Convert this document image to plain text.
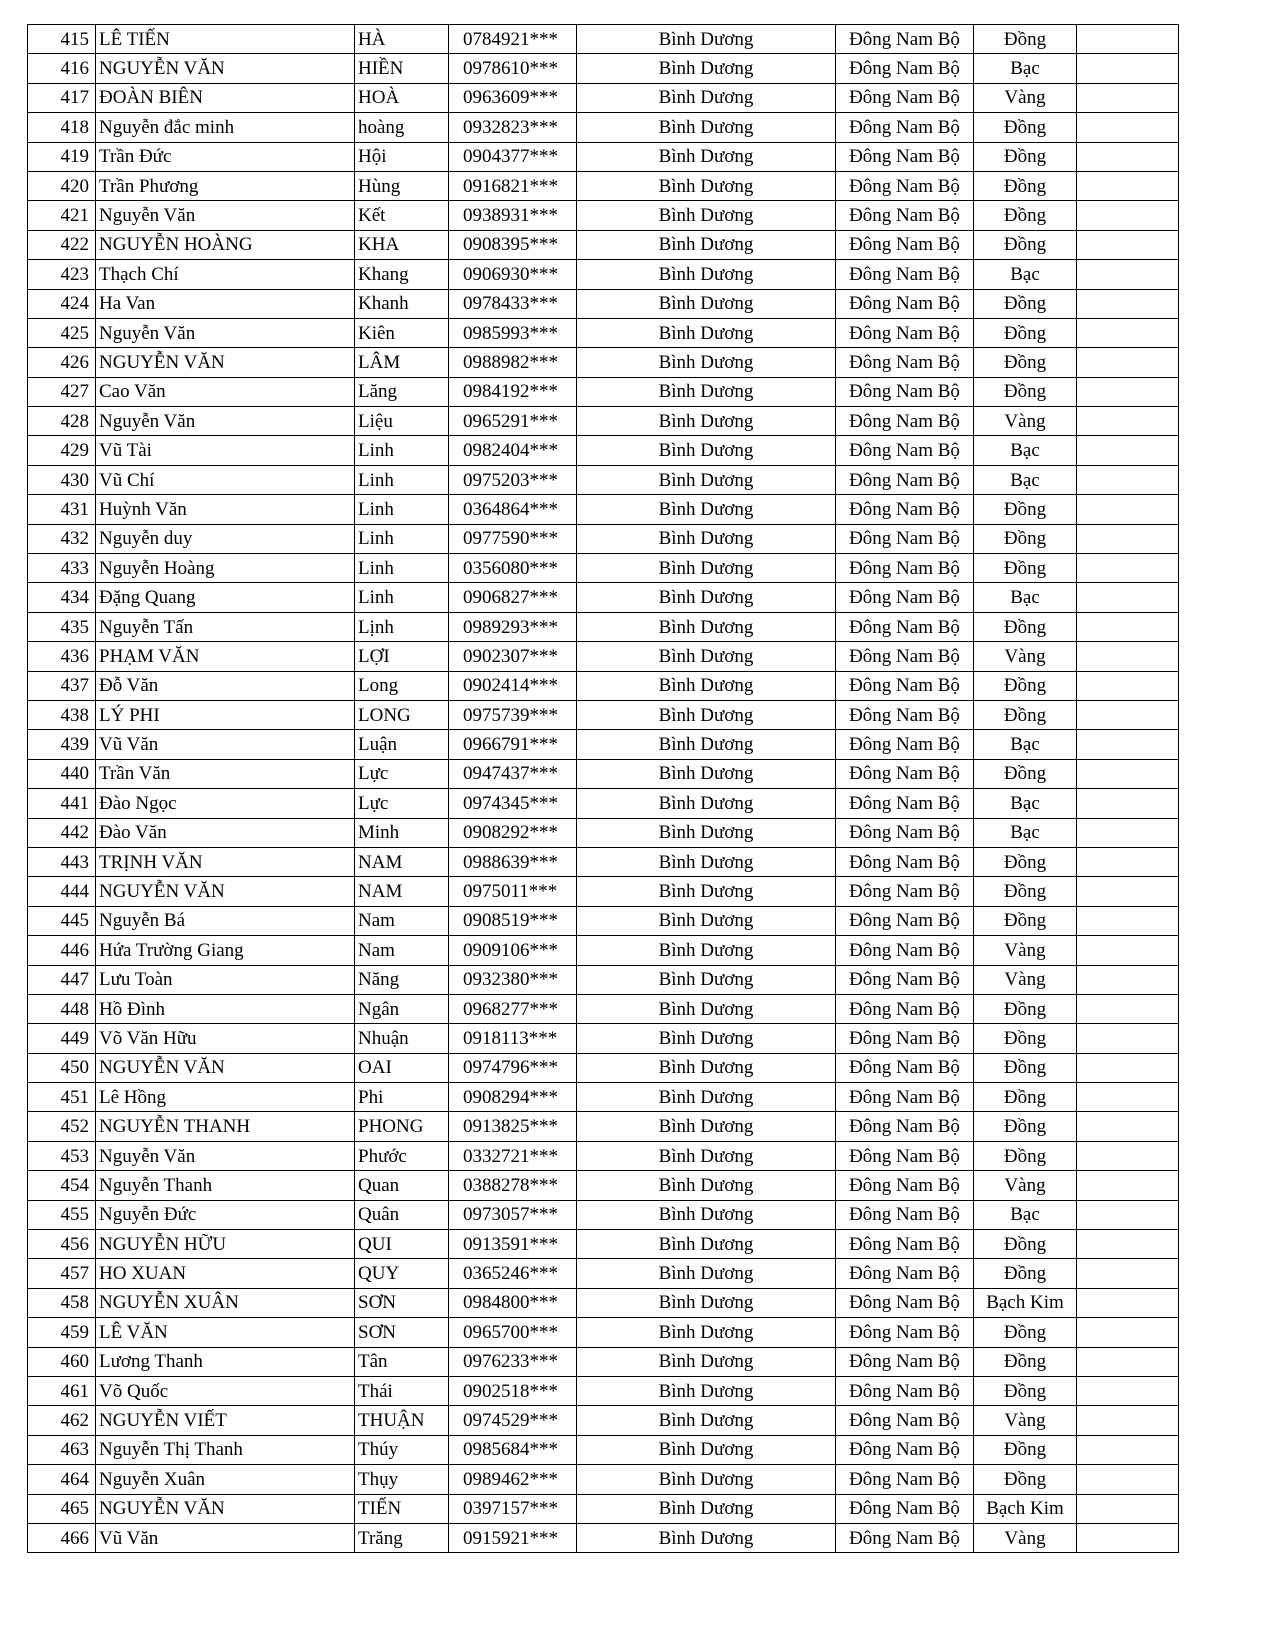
415	LÊ TIẾN	HÀ	0784921***	Bình Dương	Đông Nam Bộ	Đồng	
416	NGUYỄN VĂN	HIỀN	0978610***	Bình Dương	Đông Nam Bộ	Bạc	
417	ĐOÀN BIÊN	HOÀ	0963609***	Bình Dương	Đông Nam Bộ	Vàng	
418	Nguyễn đắc minh	hoàng	0932823***	Bình Dương	Đông Nam Bộ	Đồng	
419	Trần Đức	Hội	0904377***	Bình Dương	Đông Nam Bộ	Đồng	
420	Trần Phương	Hùng	0916821***	Bình Dương	Đông Nam Bộ	Đồng	
421	Nguyễn Văn	Kết	0938931***	Bình Dương	Đông Nam Bộ	Đồng	
422	NGUYỄN HOÀNG	KHA	0908395***	Bình Dương	Đông Nam Bộ	Đồng	
423	Thạch Chí	Khang	0906930***	Bình Dương	Đông Nam Bộ	Bạc	
424	Ha Van	Khanh	0978433***	Bình Dương	Đông Nam Bộ	Đồng	
425	Nguyễn Văn	Kiên	0985993***	Bình Dương	Đông Nam Bộ	Đồng	
426	NGUYỄN VĂN	LÂM	0988982***	Bình Dương	Đông Nam Bộ	Đồng	
427	Cao Văn	Lăng	0984192***	Bình Dương	Đông Nam Bộ	Đồng	
428	Nguyễn Văn	Liệu	0965291***	Bình Dương	Đông Nam Bộ	Vàng	
429	Vũ Tài	Linh	0982404***	Bình Dương	Đông Nam Bộ	Bạc	
430	Vũ Chí	Linh	0975203***	Bình Dương	Đông Nam Bộ	Bạc	
431	Huỳnh Văn	Linh	0364864***	Bình Dương	Đông Nam Bộ	Đồng	
432	Nguyễn duy	Linh	0977590***	Bình Dương	Đông Nam Bộ	Đồng	
433	Nguyễn Hoàng	Linh	0356080***	Bình Dương	Đông Nam Bộ	Đồng	
434	Đặng Quang	Linh	0906827***	Bình Dương	Đông Nam Bộ	Bạc	
435	Nguyễn Tấn	Lịnh	0989293***	Bình Dương	Đông Nam Bộ	Đồng	
436	PHẠM VĂN	LỢI	0902307***	Bình Dương	Đông Nam Bộ	Vàng	
437	Đỗ Văn	Long	0902414***	Bình Dương	Đông Nam Bộ	Đồng	
438	LÝ PHI	LONG	0975739***	Bình Dương	Đông Nam Bộ	Đồng	
439	Vũ Văn	Luận	0966791***	Bình Dương	Đông Nam Bộ	Bạc	
440	Trần Văn	Lực	0947437***	Bình Dương	Đông Nam Bộ	Đồng	
441	Đào Ngọc	Lực	0974345***	Bình Dương	Đông Nam Bộ	Bạc	
442	Đào Văn	Minh	0908292***	Bình Dương	Đông Nam Bộ	Bạc	
443	TRỊNH VĂN	NAM	0988639***	Bình Dương	Đông Nam Bộ	Đồng	
444	NGUYỄN VĂN	NAM	0975011***	Bình Dương	Đông Nam Bộ	Đồng	
445	Nguyễn Bá	Nam	0908519***	Bình Dương	Đông Nam Bộ	Đồng	
446	Hứa Trường Giang	Nam	0909106***	Bình Dương	Đông Nam Bộ	Vàng	
447	Lưu Toàn	Năng	0932380***	Bình Dương	Đông Nam Bộ	Vàng	
448	Hồ Đình	Ngân	0968277***	Bình Dương	Đông Nam Bộ	Đồng	
449	Võ Văn Hữu	Nhuận	0918113***	Bình Dương	Đông Nam Bộ	Đồng	
450	NGUYỄN VĂN	OAI	0974796***	Bình Dương	Đông Nam Bộ	Đồng	
451	Lê Hồng	Phi	0908294***	Bình Dương	Đông Nam Bộ	Đồng	
452	NGUYỄN THANH	PHONG	0913825***	Bình Dương	Đông Nam Bộ	Đồng	
453	Nguyễn Văn	Phước	0332721***	Bình Dương	Đông Nam Bộ	Đồng	
454	Nguyễn Thanh	Quan	0388278***	Bình Dương	Đông Nam Bộ	Vàng	
455	Nguyễn Đức	Quân	0973057***	Bình Dương	Đông Nam Bộ	Bạc	
456	NGUYỄN HỮU	QUI	0913591***	Bình Dương	Đông Nam Bộ	Đồng	
457	HO XUAN	QUY	0365246***	Bình Dương	Đông Nam Bộ	Đồng	
458	NGUYỄN XUÂN	SƠN	0984800***	Bình Dương	Đông Nam Bộ	Bạch Kim	
459	LÊ VĂN	SƠN	0965700***	Bình Dương	Đông Nam Bộ	Đồng	
460	Lương Thanh	Tân	0976233***	Bình Dương	Đông Nam Bộ	Đồng	
461	Võ Quốc	Thái	0902518***	Bình Dương	Đông Nam Bộ	Đồng	
462	NGUYỄN VIẾT	THUẬN	0974529***	Bình Dương	Đông Nam Bộ	Vàng	
463	Nguyễn Thị Thanh	Thúy	0985684***	Bình Dương	Đông Nam Bộ	Đồng	
464	Nguyễn Xuân	Thụy	0989462***	Bình Dương	Đông Nam Bộ	Đồng	
465	NGUYỄN VĂN	TIẾN	0397157***	Bình Dương	Đông Nam Bộ	Bạch Kim	
466	Vũ Văn	Trăng	0915921***	Bình Dương	Đông Nam Bộ	Vàng	
